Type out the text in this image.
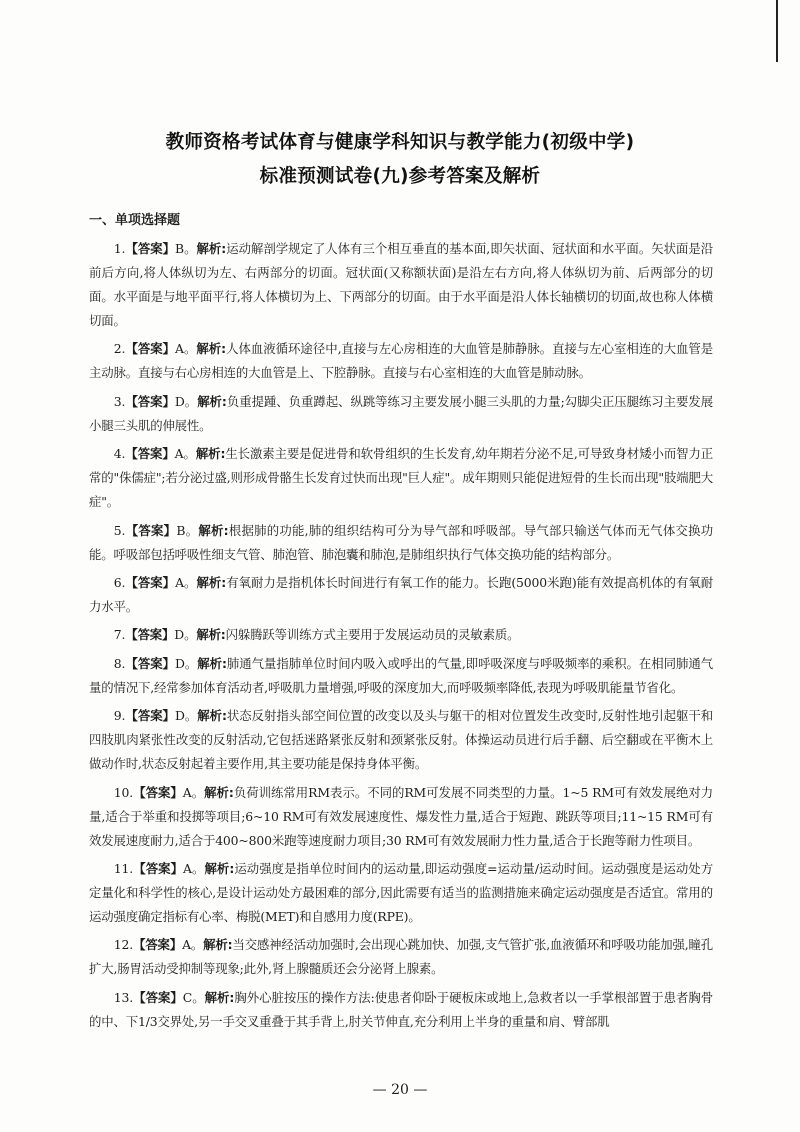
教师资格考试体育与健康学科知识与教学能力(初级中学)
标准预测试卷(九)参考答案及解析
一、单项选择题

1.【答案】B。解析:运动解剖学规定了人体有三个相互垂直的基本面,即矢状面、冠状面和水平面。矢状面是沿前后方向,将人体纵切为左、右两部分的切面。冠状面(又称额状面)是沿左右方向,将人体纵切为前、后两部分的切面。水平面是与地平面平行,将人体横切为上、下两部分的切面。由于水平面是沿人体长轴横切的切面,故也称人体横切面。

2.【答案】A。解析:人体血液循环途径中,直接与左心房相连的大血管是肺静脉。直接与左心室相连的大血管是主动脉。直接与右心房相连的大血管是上、下腔静脉。直接与右心室相连的大血管是肺动脉。

3.【答案】D。解析:负重提踵、负重蹲起、纵跳等练习主要发展小腿三头肌的力量;勾脚尖正压腿练习主要发展小腿三头肌的伸展性。

4.【答案】A。解析:生长激素主要是促进骨和软骨组织的生长发育,幼年期若分泌不足,可导致身材矮小而智力正常的"侏儒症";若分泌过盛,则形成骨骼生长发育过快而出现"巨人症"。成年期则只能促进短骨的生长而出现"肢端肥大症"。

5.【答案】B。解析:根据肺的功能,肺的组织结构可分为导气部和呼吸部。导气部只输送气体而无气体交换功能。呼吸部包括呼吸性细支气管、肺泡管、肺泡囊和肺泡,是肺组织执行气体交换功能的结构部分。

6.【答案】A。解析:有氧耐力是指机体长时间进行有氧工作的能力。长跑(5000米跑)能有效提高机体的有氧耐力水平。

7.【答案】D。解析:闪躲腾跃等训练方式主要用于发展运动员的灵敏素质。

8.【答案】D。解析:肺通气量指肺单位时间内吸入或呼出的气量,即呼吸深度与呼吸频率的乘积。在相同肺通气量的情况下,经常参加体育活动者,呼吸肌力量增强,呼吸的深度加大,而呼吸频率降低,表现为呼吸肌能量节省化。

9.【答案】D。解析:状态反射指头部空间位置的改变以及头与躯干的相对位置发生改变时,反射性地引起躯干和四肢肌肉紧张性改变的反射活动,它包括迷路紧张反射和颈紧张反射。体操运动员进行后手翻、后空翻或在平衡木上做动作时,状态反射起着主要作用,其主要功能是保持身体平衡。

10.【答案】A。解析:负荷训练常用RM表示。不同的RM可发展不同类型的力量。1~5 RM可有效发展绝对力量,适合于举重和投掷等项目;6~10 RM可有效发展速度性、爆发性力量,适合于短跑、跳跃等项目;11~15 RM可有效发展速度耐力,适合于400~800米跑等速度耐力项目;30 RM可有效发展耐力性力量,适合于长跑等耐力性项目。

11.【答案】A。解析:运动强度是指单位时间内的运动量,即运动强度=运动量/运动时间。运动强度是运动处方定量化和科学性的核心,是设计运动处方最困难的部分,因此需要有适当的监测措施来确定运动强度是否适宜。常用的运动强度确定指标有心率、梅脱(MET)和自感用力度(RPE)。

12.【答案】A。解析:当交感神经活动加强时,会出现心跳加快、加强,支气管扩张,血液循环和呼吸功能加强,瞳孔扩大,肠胃活动受抑制等现象;此外,肾上腺髓质还会分泌肾上腺素。

13.【答案】C。解析:胸外心脏按压的操作方法:使患者仰卧于硬板床或地上,急救者以一手掌根部置于患者胸骨的中、下1/3交界处,另一手交叉重叠于其手背上,肘关节伸直,充分利用上半身的重量和肩、臂部肌

— 20 —
